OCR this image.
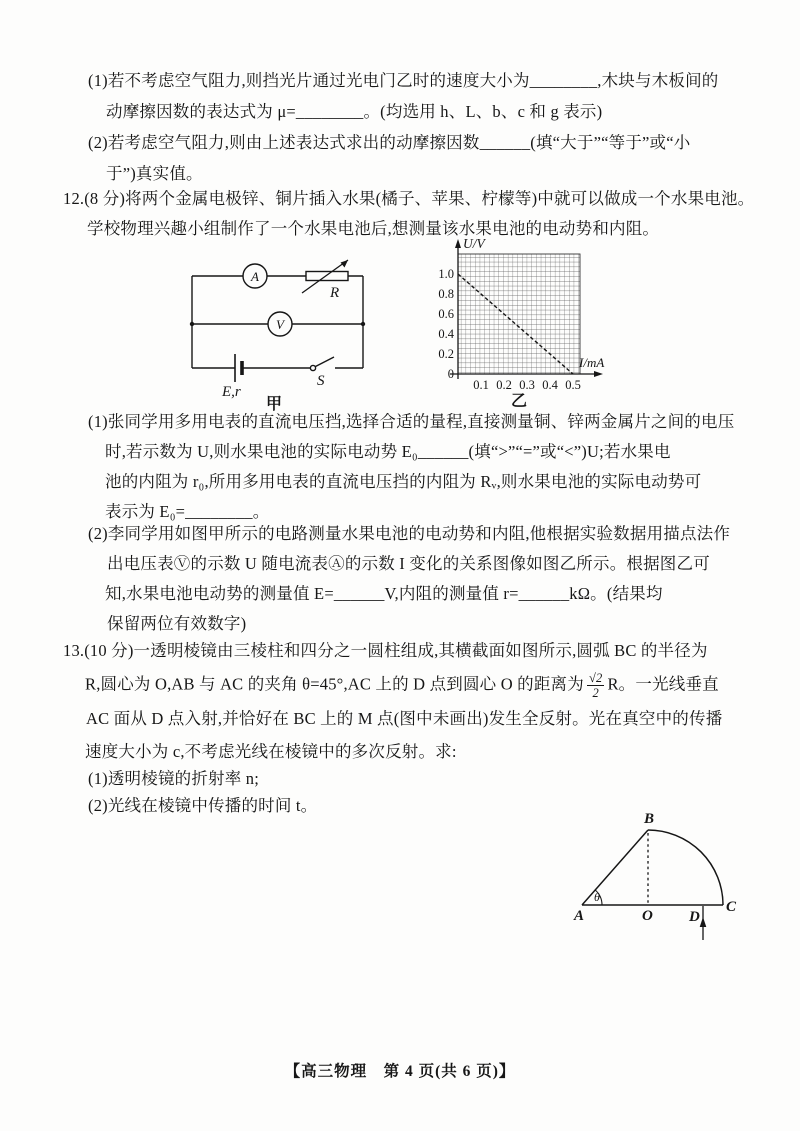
(1)若不考虑空气阻力,则挡光片通过光电门乙时的速度大小为________,木块与木板间的
动摩擦因数的表达式为 μ=________。(均选用 h、L、b、c 和 g 表示)
(2)若考虑空气阻力,则由上述表达式求出的动摩擦因数______(填“大于”“等于”或“小
于”)真实值。
12.(8 分)将两个金属电极锌、铜片插入水果(橘子、苹果、柠檬等)中就可以做成一个水果电池。
学校物理兴趣小组制作了一个水果电池后,想测量该水果电池的电动势和内阻。
A
V
R
E,r
S
甲
U/V
I/mA
1.0
0.8
0.6
0.4
0.2
0
0.1 0.2 0.3 0.4 0.5
乙
(1)张同学用多用电表的直流电压挡,选择合适的量程,直接测量铜、锌两金属片之间的电压
时,若示数为 U,则水果电池的实际电动势 E₀______(填“>”“=”或“<”)U;若水果电
池的内阻为 r₀,所用多用电表的直流电压挡的内阻为 Rᵥ,则水果电池的实际电动势可
表示为 E₀=________。
(2)李同学用如图甲所示的电路测量水果电池的电动势和内阻,他根据实验数据用描点法作
出电压表Ⓥ的示数 U 随电流表Ⓐ的示数 I 变化的关系图像如图乙所示。根据图乙可
知,水果电池电动势的测量值 E=______V,内阻的测量值 r=______kΩ。(结果均
保留两位有效数字)
13.(10 分)一透明棱镜由三棱柱和四分之一圆柱组成,其横截面如图所示,圆弧 BC 的半径为
R,圆心为 O,AB 与 AC 的夹角 θ=45°,AC 上的 D 点到圆心 O 的距离为 $\frac{√2}{2}$ R。一光线垂直
AC 面从 D 点入射,并恰好在 BC 上的 M 点(图中未画出)发生全反射。光在真空中的传播
速度大小为 c,不考虑光线在棱镜中的多次反射。求:
(1)透明棱镜的折射率 n;
(2)光线在棱镜中传播的时间 t。
B
A
θ
O D
C
【高三物理　第 4 页(共 6 页)】
